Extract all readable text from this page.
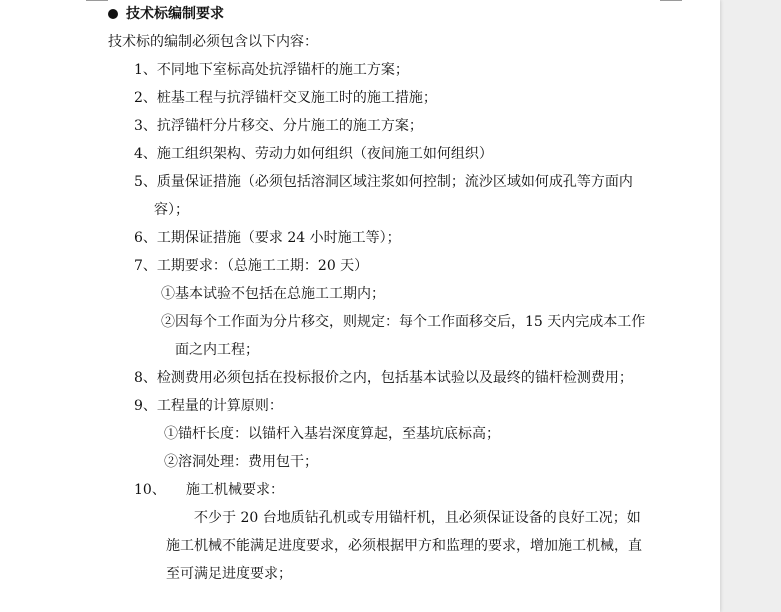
技术标编制要求
技术标的编制必须包含以下内容：
1、不同地下室标高处抗浮锚杆的施工方案；
2、桩基工程与抗浮锚杆交叉施工时的施工措施；
3、抗浮锚杆分片移交、分片施工的施工方案；
4、施工组织架构、劳动力如何组织（夜间施工如何组织）
5、质量保证措施（必须包括溶洞区域注浆如何控制；流沙区域如何成孔等方面内
容）；
6、工期保证措施（要求 24 小时施工等）；
7、工期要求：（总施工工期：20 天）
①基本试验不包括在总施工工期内；
②因每个工作面为分片移交，则规定：每个工作面移交后，15 天内完成本工作
面之内工程；
8、检测费用必须包括在投标报价之内，包括基本试验以及最终的锚杆检测费用；
9、工程量的计算原则：
①锚杆长度：以锚杆入基岩深度算起，至基坑底标高；
②溶洞处理：费用包干；
10、 施工机械要求：
不少于 20 台地质钻孔机或专用锚杆机，且必须保证设备的良好工况；如
施工机械不能满足进度要求，必须根据甲方和监理的要求，增加施工机械，直
至可满足进度要求；
